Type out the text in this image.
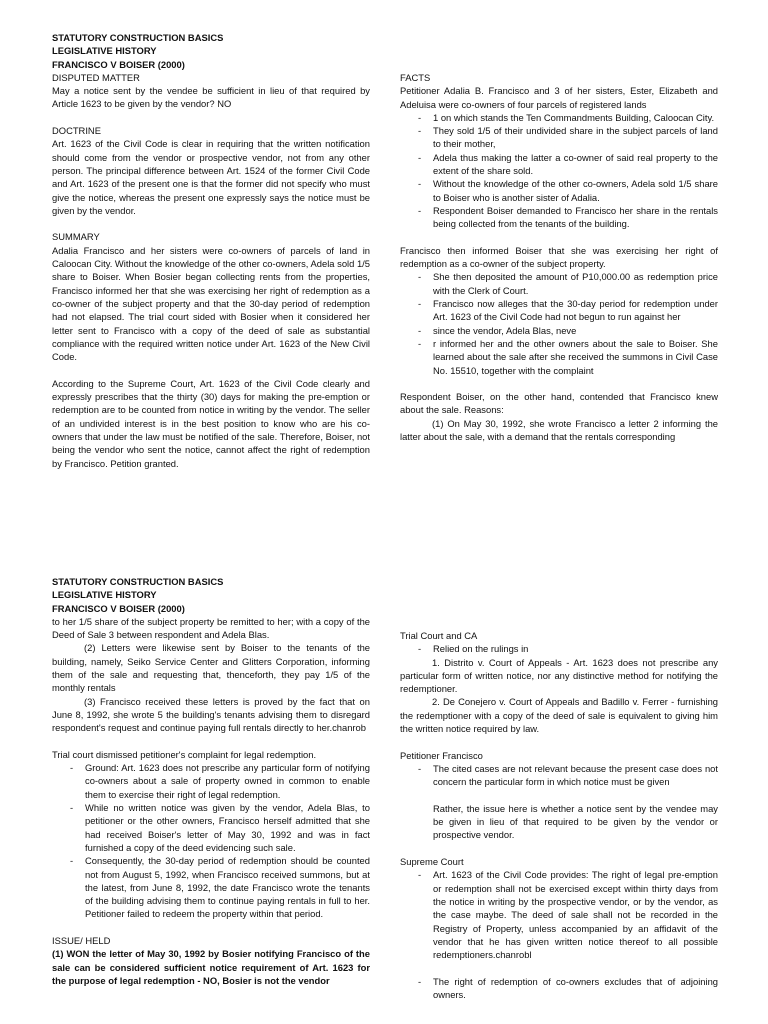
STATUTORY CONSTRUCTION BASICS
LEGISLATIVE HISTORY
FRANCISCO V BOISER (2000)
DISPUTED MATTER

May a notice sent by the vendee be sufficient in lieu of that required by Article 1623 to be given by the vendor? NO

DOCTRINE

Art. 1623 of the Civil Code is clear in requiring that the written notification should come from the vendor or prospective vendor, not from any other person. The principal difference between Art. 1524 of the former Civil Code and Art. 1623 of the present one is that the former did not specify who must give the notice, whereas the present one expressly says the notice must be given by the vendor.

SUMMARY

Adalia Francisco and her sisters were co-owners of parcels of land in Caloocan City. Without the knowledge of the other co-owners, Adela sold 1/5 share to Boiser. When Bosier began collecting rents from the properties, Francisco informed her that she was exercising her right of redemption as a co-owner of the subject property and that the 30-day period of redemption had not elapsed. The trial court sided with Bosier when it considered her letter sent to Francisco with a copy of the deed of sale as substantial compliance with the required written notice under Art. 1623 of the New Civil Code.

According to the Supreme Court, Art. 1623 of the Civil Code clearly and expressly prescribes that the thirty (30) days for making the pre-emption or redemption are to be counted from notice in writing by the vendor. The seller of an undivided interest is in the best position to know who are his co-owners that under the law must be notified of the sale. Therefore, Boiser, not being the vendor who sent the notice, cannot affect the right of redemption by Francisco. Petition granted.

FACTS

Petitioner Adalia B. Francisco and 3 of her sisters, Ester, Elizabeth and Adeluisa were co-owners of four parcels of registered lands

- 1 on which stands the Ten Commandments Building, Caloocan City.
- They sold 1/5 of their undivided share in the subject parcels of land to their mother,
- Adela thus making the latter a co-owner of said real property to the extent of the share sold.
- Without the knowledge of the other co-owners, Adela sold 1/5 share to Boiser who is another sister of Adalia.
- Respondent Boiser demanded to Francisco her share in the rentals being collected from the tenants of the building.

Francisco then informed Boiser that she was exercising her right of redemption as a co-owner of the subject property.

- She then deposited the amount of P10,000.00 as redemption price with the Clerk of Court.
- Francisco now alleges that the 30-day period for redemption under Art. 1623 of the Civil Code had not begun to run against her
- since the vendor, Adela Blas, neve
- r informed her and the other owners about the sale to Boiser. She learned about the sale after she received the summons in Civil Case No. 15510, together with the complaint

Respondent Boiser, on the other hand, contended that Francisco knew about the sale. Reasons:

(1) On May 30, 1992, she wrote Francisco a letter 2 informing the latter about the sale, with a demand that the rentals corresponding

STATUTORY CONSTRUCTION BASICS
LEGISLATIVE HISTORY
FRANCISCO V BOISER (2000)

to her 1/5 share of the subject property be remitted to her; with a copy of the Deed of Sale 3 between respondent and Adela Blas.

(2) Letters were likewise sent by Boiser to the tenants of the building, namely, Seiko Service Center and Glitters Corporation, informing them of the sale and requesting that, thenceforth, they pay 1/5 of the monthly rentals

(3) Francisco received these letters is proved by the fact that on June 8, 1992, she wrote 5 the building's tenants advising them to disregard respondent's request and continue paying full rentals directly to her.chanrob

Trial court dismissed petitioner's complaint for legal redemption.

- Ground: Art. 1623 does not prescribe any particular form of notifying co-owners about a sale of property owned in common to enable them to exercise their right of legal redemption.
- While no written notice was given by the vendor, Adela Blas, to petitioner or the other owners, Francisco herself admitted that she had received Boiser's letter of May 30, 1992 and was in fact furnished a copy of the deed evidencing such sale.
- Consequently, the 30-day period of redemption should be counted not from August 5, 1992, when Francisco received summons, but at the latest, from June 8, 1992, the date Francisco wrote the tenants of the building advising them to continue paying rentals in full to her. Petitioner failed to redeem the property within that period.
ISSUE/ HELD

(1) WON the letter of May 30, 1992 by Bosier notifying Francisco of the sale can be considered sufficient notice requirement of Art. 1623 for the purpose of legal redemption - NO, Bosier is not the vendor

Trial Court and CA
- Relied on the rulings in

1. Distrito v. Court of Appeals - Art. 1623 does not prescribe any particular form of written notice, nor any distinctive method for notifying the redemptioner.

2. De Conejero v. Court of Appeals and Badillo v. Ferrer - furnishing the redemptioner with a copy of the deed of sale is equivalent to giving him the written notice required by law.

Petitioner Francisco
- The cited cases are not relevant because the present case does not concern the particular form in which notice must be given

Rather, the issue here is whether a notice sent by the vendee may be given in lieu of that required to be given by the vendor or prospective vendor.

Supreme Court
- Art. 1623 of the Civil Code provides: The right of legal pre-emption or redemption shall not be exercised except within thirty days from the notice in writing by the prospective vendor, or by the vendor, as the case maybe. The deed of sale shall not be recorded in the Registry of Property, unless accompanied by an affidavit of the vendor that he has given written notice thereof to all possible redemptioners.chanrobl
- The right of redemption of co-owners excludes that of adjoining owners.
